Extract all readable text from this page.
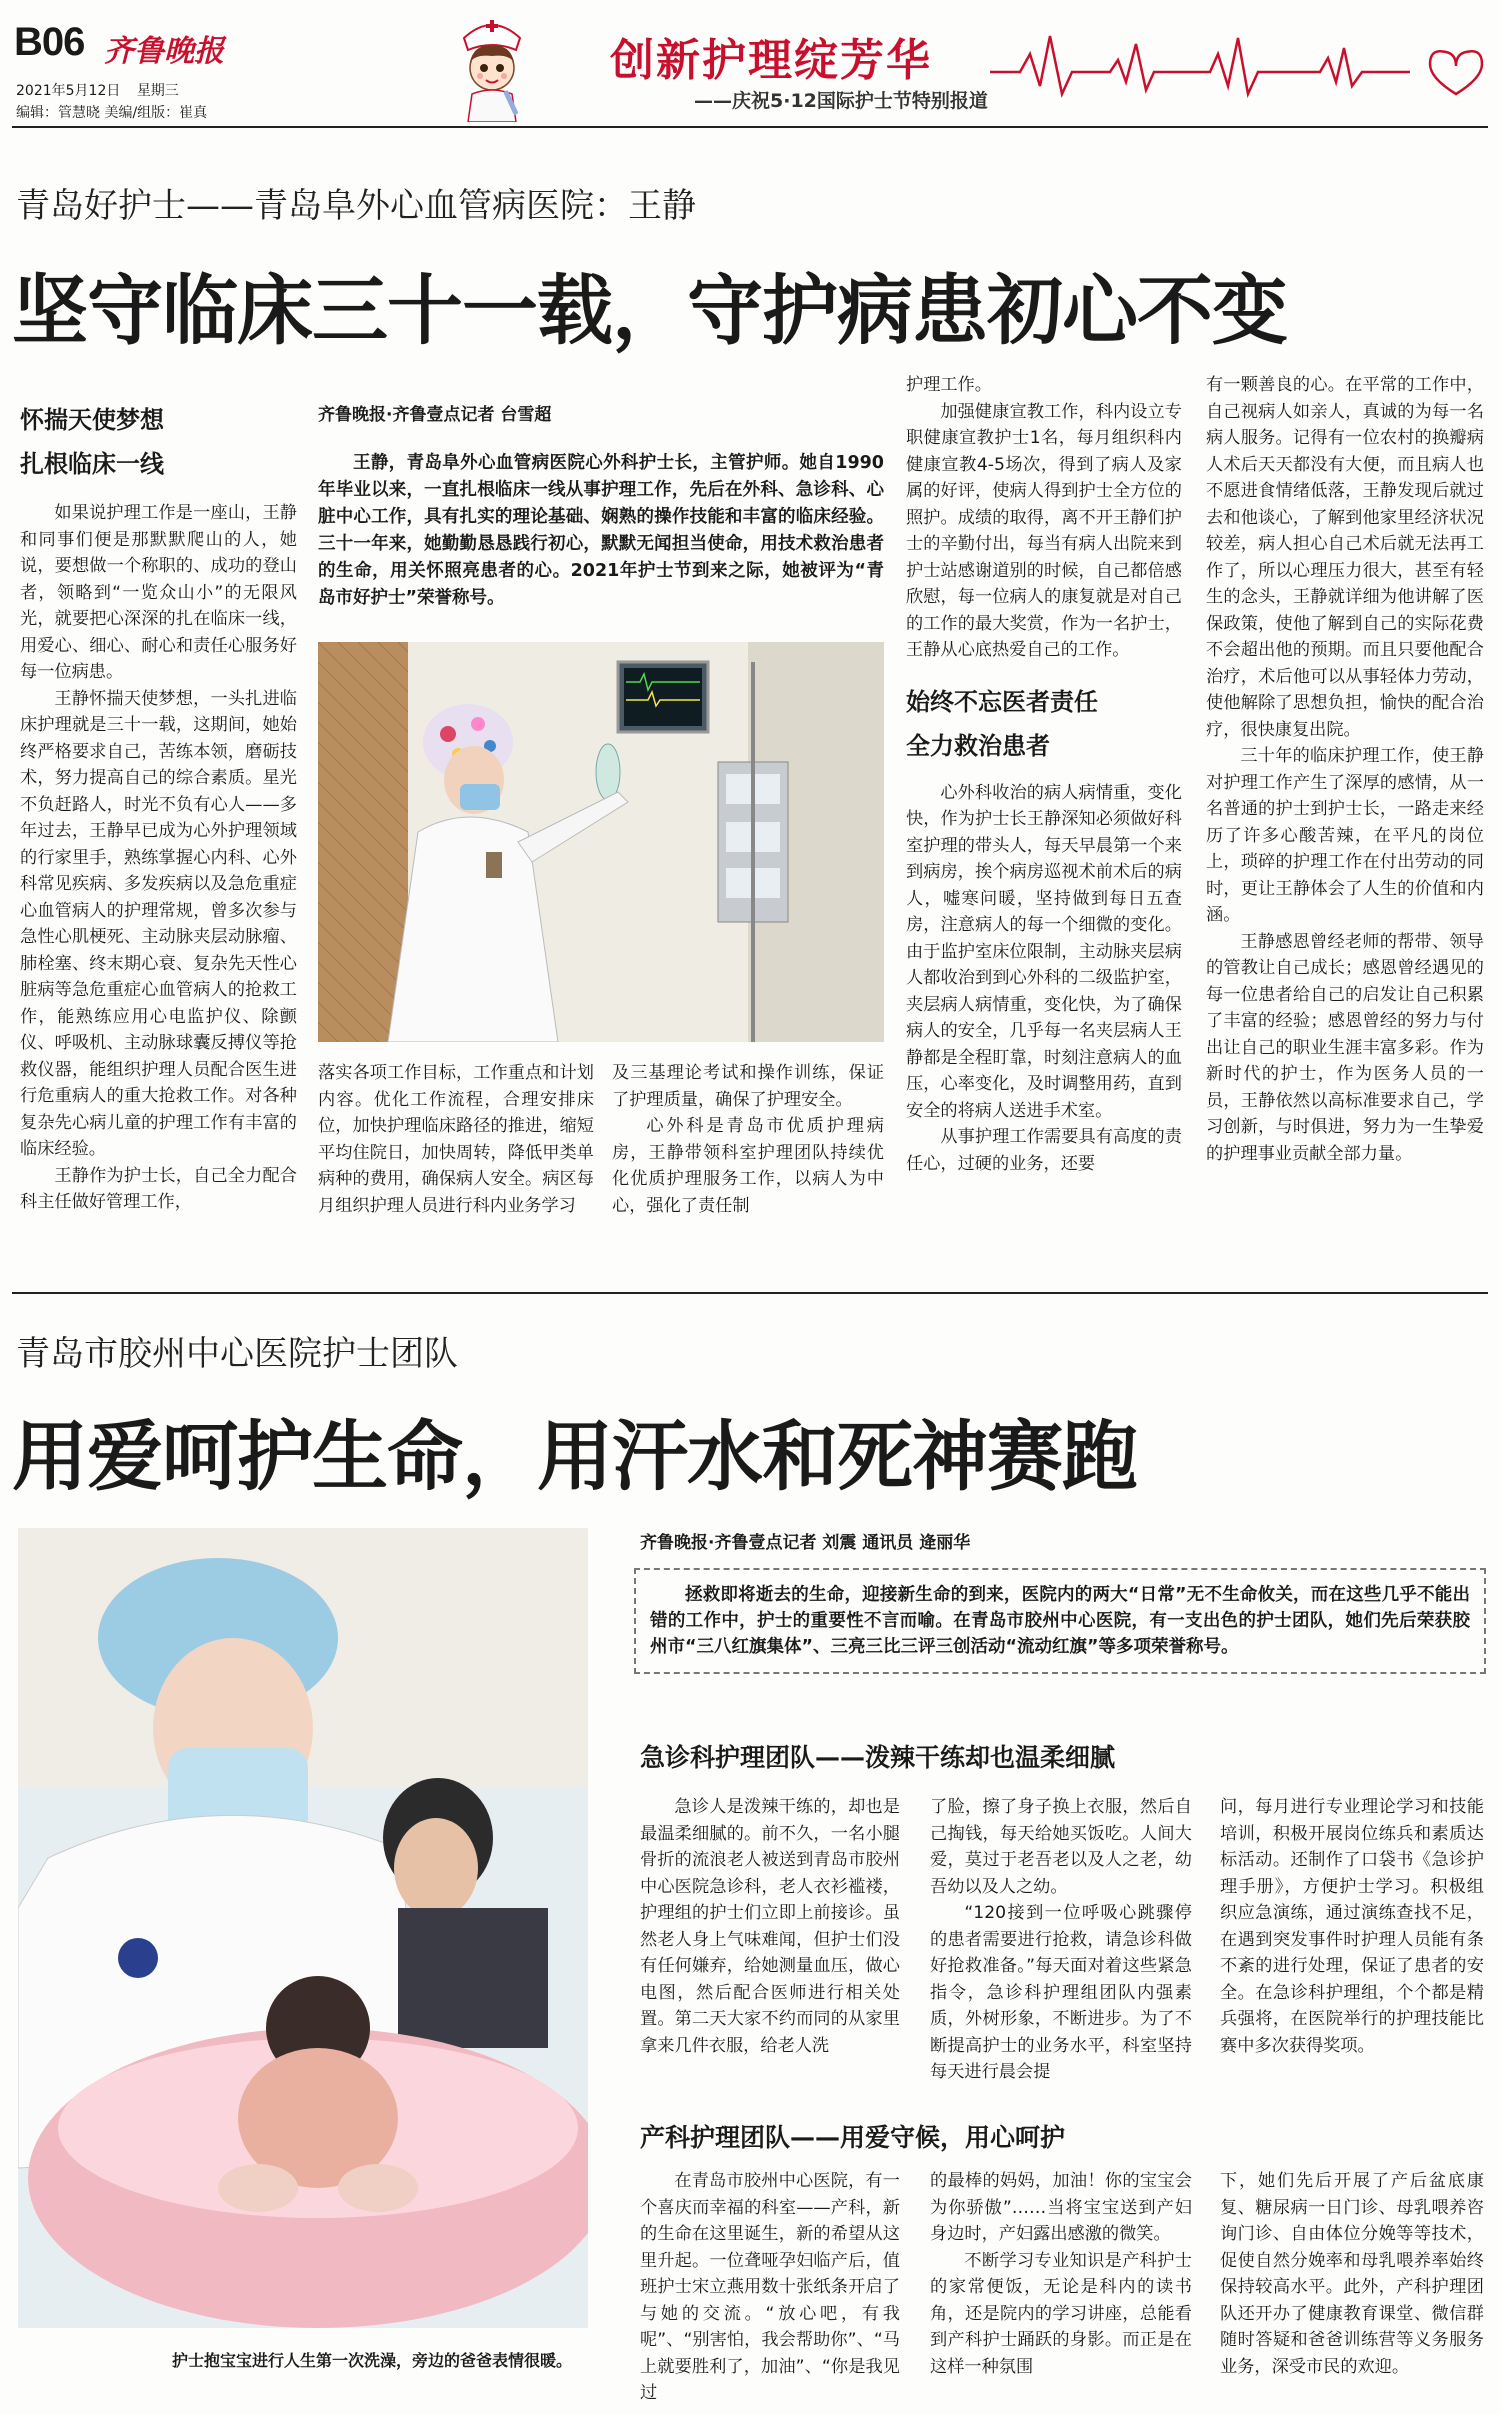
B06 齐鲁晚报
2021年5月12日 星期三
编辑：管慧晓 美编/组版：崔真
创新护理绽芳华
——庆祝5·12国际护士节特别报道
青岛好护士——青岛阜外心血管病医院：王静
坚守临床三十一载，守护病患初心不变
怀揣天使梦想
扎根临床一线

如果说护理工作是一座山，王静和同事们便是那默默爬山的人，她说，要想做一个称职的、成功的登山者，领略到“一览众山小”的无限风光，就要把心深深的扎在临床一线，用爱心、细心、耐心和责任心服务好每一位病患。

王静怀揣天使梦想，一头扎进临床护理就是三十一载，这期间，她始终严格要求自己，苦练本领，磨砺技术，努力提高自己的综合素质。星光不负赶路人，时光不负有心人——多年过去，王静早已成为心外护理领域的行家里手，熟练掌握心内科、心外科常见疾病、多发疾病以及急危重症心血管病人的护理常规，曾多次参与急性心肌梗死、主动脉夹层动脉瘤、肺栓塞、终末期心衰、复杂先天性心脏病等急危重症心血管病人的抢救工作，能熟练应用心电监护仪、除颤仪、呼吸机、主动脉球囊反搏仪等抢救仪器，能组织护理人员配合医生进行危重病人的重大抢救工作。对各种复杂先心病儿童的护理工作有丰富的临床经验。

王静作为护士长，自己全力配合科主任做好管理工作，

齐鲁晚报·齐鲁壹点记者 台雪超
王静，青岛阜外心血管病医院心外科护士长，主管护师。她自1990年毕业以来，一直扎根临床一线从事护理工作，先后在外科、急诊科、心脏中心工作，具有扎实的理论基础、娴熟的操作技能和丰富的临床经验。三十一年来，她勤勤恳恳践行初心，默默无闻担当使命，用技术救治患者的生命，用关怀照亮患者的心。2021年护士节到来之际，她被评为“青岛市好护士”荣誉称号。

落实各项工作目标，工作重点和计划内容。优化工作流程，合理安排床位，加快护理临床路径的推进，缩短平均住院日，加快周转，降低甲类单病种的费用，确保病人安全。病区每月组织护理人员进行科内业务学习

及三基理论考试和操作训练，保证了护理质量，确保了护理安全。

心外科是青岛市优质护理病房，王静带领科室护理团队持续优化优质护理服务工作，以病人为中心，强化了责任制

护理工作。

加强健康宣教工作，科内设立专职健康宣教护士1名，每月组织科内健康宣教4-5场次，得到了病人及家属的好评，使病人得到护士全方位的照护。成绩的取得，离不开王静们护士的辛勤付出，每当有病人出院来到护士站感谢道别的时候，自己都倍感欣慰，每一位病人的康复就是对自己的工作的最大奖赏，作为一名护士，王静从心底热爱自己的工作。

始终不忘医者责任
全力救治患者

心外科收治的病人病情重，变化快，作为护士长王静深知必须做好科室护理的带头人，每天早晨第一个来到病房，挨个病房巡视术前术后的病人，嘘寒问暖，坚持做到每日五查房，注意病人的每一个细微的变化。由于监护室床位限制，主动脉夹层病人都收治到到心外科的二级监护室，夹层病人病情重，变化快，为了确保病人的安全，几乎每一名夹层病人王静都是全程盯靠，时刻注意病人的血压，心率变化，及时调整用药，直到安全的将病人送进手术室。

从事护理工作需要具有高度的责任心，过硬的业务，还要

有一颗善良的心。在平常的工作中，自己视病人如亲人，真诚的为每一名病人服务。记得有一位农村的换瓣病人术后天天都没有大便，而且病人也不愿进食情绪低落，王静发现后就过去和他谈心，了解到他家里经济状况较差，病人担心自己术后就无法再工作了，所以心理压力很大，甚至有轻生的念头，王静就详细为他讲解了医保政策，使他了解到自己的实际花费不会超出他的预期。而且只要他配合治疗，术后他可以从事轻体力劳动，使他解除了思想负担，愉快的配合治疗，很快康复出院。

三十年的临床护理工作，使王静对护理工作产生了深厚的感情，从一名普通的护士到护士长，一路走来经历了许多心酸苦辣，在平凡的岗位上，琐碎的护理工作在付出劳动的同时，更让王静体会了人生的价值和内涵。

王静感恩曾经老师的帮带、领导的管教让自己成长；感恩曾经遇见的每一位患者给自己的启发让自己积累了丰富的经验；感恩曾经的努力与付出让自己的职业生涯丰富多彩。作为新时代的护士，作为医务人员的一员，王静依然以高标准要求自己，学习创新，与时俱进，努力为一生挚爱的护理事业贡献全部力量。

青岛市胶州中心医院护士团队
用爱呵护生命，用汗水和死神赛跑
护士抱宝宝进行人生第一次洗澡，旁边的爸爸表情很暖。
齐鲁晚报·齐鲁壹点记者 刘震 通讯员 逄丽华
拯救即将逝去的生命，迎接新生命的到来，医院内的两大“日常”无不生命攸关，而在这些几乎不能出错的工作中，护士的重要性不言而喻。在青岛市胶州中心医院，有一支出色的护士团队，她们先后荣获胶州市“三八红旗集体”、三亮三比三评三创活动“流动红旗”等多项荣誉称号。
急诊科护理团队——泼辣干练却也温柔细腻

急诊人是泼辣干练的，却也是最温柔细腻的。前不久，一名小腿骨折的流浪老人被送到青岛市胶州中心医院急诊科，老人衣衫褴褛，护理组的护士们立即上前接诊。虽然老人身上气味难闻，但护士们没有任何嫌弃，给她测量血压，做心电图，然后配合医师进行相关处置。第二天大家不约而同的从家里拿来几件衣服，给老人洗

了脸，擦了身子换上衣服，然后自己掏钱，每天给她买饭吃。人间大爱，莫过于老吾老以及人之老，幼吾幼以及人之幼。

“120接到一位呼吸心跳骤停的患者需要进行抢救，请急诊科做好抢救准备。”每天面对着这些紧急指令，急诊科护理组团队内强素质，外树形象，不断进步。为了不断提高护士的业务水平，科室坚持每天进行晨会提

问，每月进行专业理论学习和技能培训，积极开展岗位练兵和素质达标活动。还制作了口袋书《急诊护理手册》，方便护士学习。积极组织应急演练，通过演练查找不足，在遇到突发事件时护理人员能有条不紊的进行处理，保证了患者的安全。在急诊科护理组，个个都是精兵强将，在医院举行的护理技能比赛中多次获得奖项。

产科护理团队——用爱守候，用心呵护

在青岛市胶州中心医院，有一个喜庆而幸福的科室——产科，新的生命在这里诞生，新的希望从这里升起。一位聋哑孕妇临产后，值班护士宋立燕用数十张纸条开启了与她的交流。“放心吧，有我呢”、“别害怕，我会帮助你”、“马上就要胜利了，加油”、“你是我见过

的最棒的妈妈，加油！你的宝宝会为你骄傲”……当将宝宝送到产妇身边时，产妇露出感激的微笑。

不断学习专业知识是产科护士的家常便饭，无论是科内的读书角，还是院内的学习讲座，总能看到产科护士踊跃的身影。而正是在这样一种氛围

下，她们先后开展了产后盆底康复、糖尿病一日门诊、母乳喂养咨询门诊、自由体位分娩等等技术，促使自然分娩率和母乳喂养率始终保持较高水平。此外，产科护理团队还开办了健康教育课堂、微信群随时答疑和爸爸训练营等义务服务业务，深受市民的欢迎。
